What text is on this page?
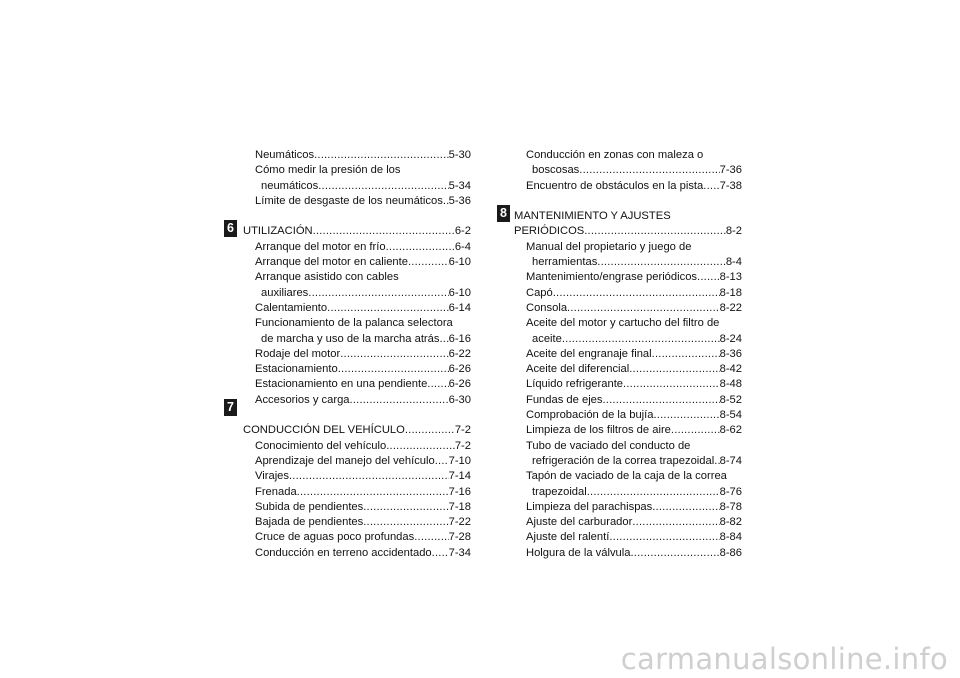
6
7
8
Neumáticos .....	5-30
Cómo medir la presión de los
neumáticos .....	5-34
Límite de desgaste de los neumáticos ..... 5-36
UTILIZACIÓN .....	6-2
Arranque del motor en frío .....	6-4
Arranque del motor en caliente .....	6-10
Arranque asistido con cables
auxiliares .....	6-10
Calentamiento .....	6-14
Funcionamiento de la palanca selectora
de marcha y uso de la marcha atrás ..... 6-16
Rodaje del motor .....	6-22
Estacionamiento .....	6-26
Estacionamiento en una pendiente ..... 6-26
Accesorios y carga .....	6-30
CONDUCCIÓN DEL VEHÍCULO .....	7-2
Conocimiento del vehículo .....	7-2
Aprendizaje del manejo del vehículo ..... 7-10
Virajes .....	7-14
Frenada .....	7-16
Subida de pendientes .....	7-18
Bajada de pendientes .....	7-22
Cruce de aguas poco profundas .....	7-28
Conducción en terreno accidentado ..... 7-34
Conducción en zonas con maleza o
boscosas .....	7-36
Encuentro de obstáculos en la pista ..... 7-38
MANTENIMIENTO Y AJUSTES
PERIÓDICOS .....	8-2
Manual del propietario y juego de
herramientas .....	8-4
Mantenimiento/engrase periódicos ..... 8-13
Capó .....	8-18
Consola .....	8-22
Aceite del motor y cartucho del filtro de
aceite .....	8-24
Aceite del engranaje final .....	8-36
Aceite del diferencial .....	8-42
Líquido refrigerante .....	8-48
Fundas de ejes .....	8-52
Comprobación de la bujía .....	8-54
Limpieza de los filtros de aire .....	8-62
Tubo de vaciado del conducto de
refrigeración de la correa trapezoidal ..... 8-74
Tapón de vaciado de la caja de la correa
trapezoidal .....	8-76
Limpieza del parachispas .....	8-78
Ajuste del carburador .....	8-82
Ajuste del ralentí .....	8-84
Holgura de la válvula .....	8-86
carmanualsonline.info
